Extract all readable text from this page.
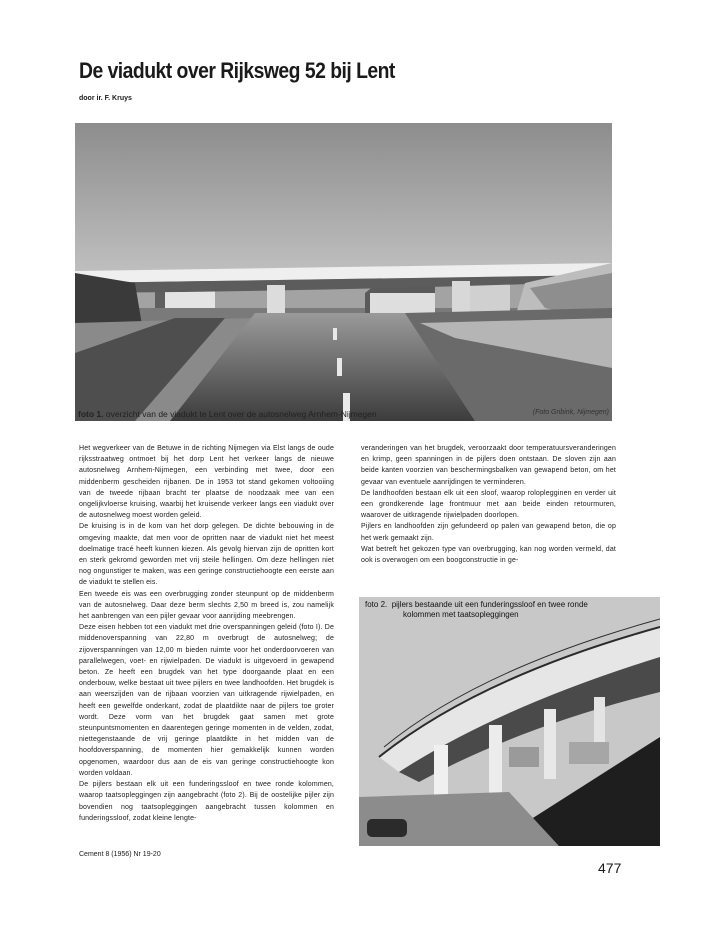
De viadukt over Rijksweg 52 bij Lent
door ir. F. Kruys
foto 1. overzicht van de viadukt te Lent over de autosnelweg Arnhem-Nijmegen	(Foto Gribink, Nijmegen)

Het wegverkeer van de Betuwe in de richting Nijmegen via Elst langs de oude rijksstraatweg ontmoet bij het dorp Lent het verkeer langs de nieuwe autosnelweg Arnhem-Nijmegen, een verbinding met twee, door een middenberm gescheiden rijbanen. De in 1953 tot stand gekomen voltooiing van de tweede rijbaan bracht ter plaatse de noodzaak mee van een ongelijkvloerse kruising, waarbij het kruisende verkeer langs een viadukt over de autosnelweg moest worden geleid.

De kruising is in de kom van het dorp gelegen. De dichte bebouwing in de omgeving maakte, dat men voor de opritten naar de viadukt niet het meest doelmatige tracé heeft kunnen kiezen. Als gevolg hiervan zijn de opritten kort en sterk gekromd geworden met vrij steile hellingen. Om deze hellingen niet nog ongunstiger te maken, was een geringe constructiehoogte een eerste aan de viadukt te stellen eis.

Een tweede eis was een overbrugging zonder steunpunt op de middenberm van de autosnelweg. Daar deze berm slechts 2,50 m breed is, zou namelijk het aanbrengen van een pijler gevaar voor aanrijding meebrengen.

Deze eisen hebben tot een viadukt met drie overspanningen geleid (foto I). De middenoverspanning van 22,80 m overbrugt de autosnelweg; de zijoverspanningen van 12,00 m bieden ruimte voor het onderdoorvoeren van parallelwegen, voet- en rijwielpaden. De viadukt is uitgevoerd in gewapend beton. Ze heeft een brugdek van het type doorgaande plaat en een onderbouw, welke bestaat uit twee pijlers en twee landhoofden. Het brugdek is aan weerszijden van de rijbaan voorzien van uitkragende rijwielpaden, en heeft een gewelfde onderkant, zodat de plaatdikte naar de pijlers toe groter wordt. Deze vorm van het brugdek gaat samen met grote steunpuntsmomenten en daarentegen geringe momenten in de velden, zodat, niettegenstaande de vrij geringe plaatdikte in het midden van de hoofdoverspanning, de momenten hier gemakkelijk kunnen worden opgenomen, waardoor dus aan de eis van geringe constructiehoogte kon worden voldaan.

De pijlers bestaan elk uit een funderingssloof en twee ronde kolommen, waarop taatsopleggingen zijn aangebracht (foto 2). Bij de oostelijke pijler zijn bovendien nog taatsopleggingen aangebracht tussen kolommen en funderingssloof, zodat kleine lengte-

veranderingen van het brugdek, veroorzaakt door temperatuursveranderingen en krimp, geen spanningen in de pijlers doen ontstaan. De sloven zijn aan beide kanten voorzien van beschermingsbalken van gewapend beton, om het gevaar van eventuele aanrijdingen te verminderen.

De landhoofden bestaan elk uit een sloof, waarop roloplegginen en verder uit een grondkerende lage frontmuur met aan beide einden retourmuren, waarover de uitkragende rijwielpaden doorlopen.

Pijlers en landhoofden zijn gefundeerd op palen van gewapend beton, die op het werk gemaakt zijn.

Wat betreft het gekozen type van overbrugging, kan nog worden vermeld, dat ook is overwogen om een boogconstructie in ge-

foto 2. pijlers bestaande uit een funderingssloof en twee ronde
kolommen met taatsopleggingen
Cement 8 (1956) Nr 19-20
477
